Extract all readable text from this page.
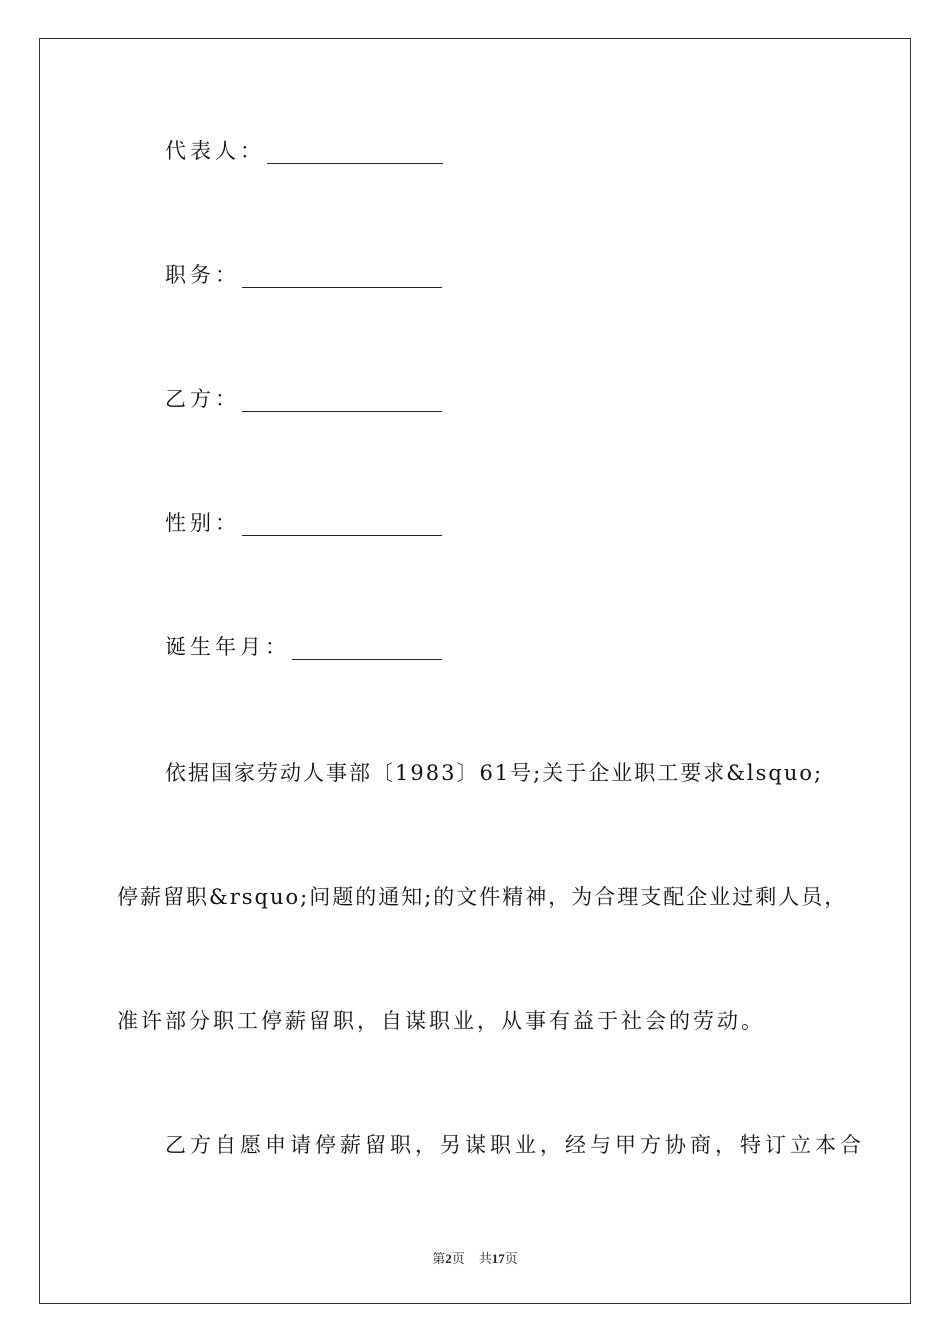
代表人：
职务：
乙方：
性别：
诞生年月：
依据国家劳动人事部〔1983〕61号;关于企业职工要求&lsquo;
停薪留职&rsquo;问题的通知;的文件精神，为合理支配企业过剩人员，
准许部分职工停薪留职，自谋职业，从事有益于社会的劳动。
乙方自愿申请停薪留职，另谋职业，经与甲方协商，特订立本合
第2页 共17页
